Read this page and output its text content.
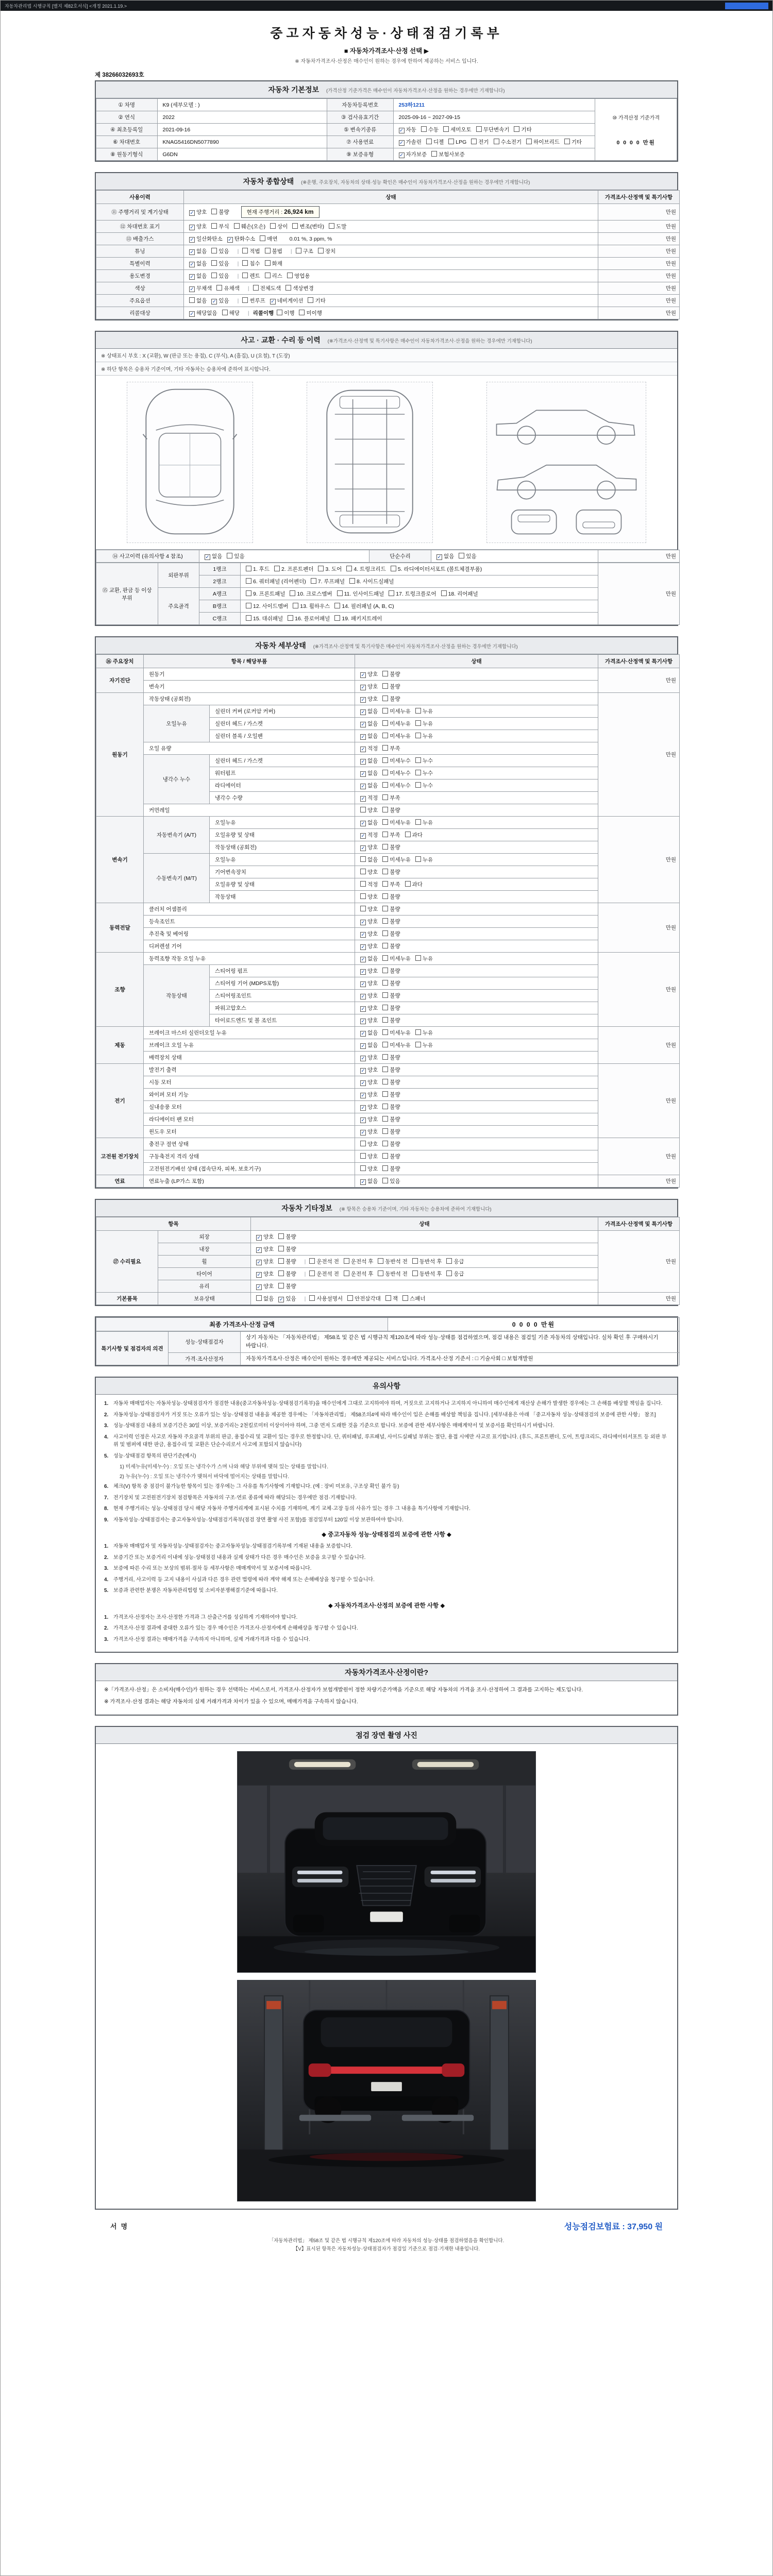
자동차관리법 시행규칙 [별지 제82호서식] <개정 2021.1.19.>
중고자동차성능·상태점검기록부
■ 자동차가격조사·산정 선택 ▶
※ 자동차가격조사·산정은 매수인이 원하는 경우에 한하여 제공하는 서비스 입니다.
제 38266032693호
자동차 기본정보 (가격산정 기준가격은 매수인이 자동차가격조사·산정을 원하는 경우에만 기재합니다)
① 차명	K9 (세부모델 : )	자동차등록번호	253하1211	⑩ 가격산정 기준가격
0 0 0 0 만원

② 연식	2022	③ 검사유효기간	2025-09-16 ~ 2027-09-15	
④ 최초등록일	2021-09-16	⑤ 변속기종류	✓ 자동 수동 세미오토 무단변속기 기타	
⑥ 차대번호	KNAG5416DN5077890	⑦ 사용연료	✓ 가솔린 디젤 LPG 전기 수소전기 하이브리드 기타	
⑧ 원동기형식	G6DN	⑨ 보증유형	✓ 자가보증 보험사보증	
자동차 종합상태 (※운행, 주요장치, 자동차의 상태·성능 확인은 매수인이 자동차가격조사·산정을 원하는 경우에만 기재합니다)
사용이력	상태	가격조사·산정액 및 특기사항
⑪ 주행거리 및 계기상태	✓ 양호 불량 현재 주행거리 : 26,924 km	만원
⑫ 차대번호 표기	✓ 양호 부식 훼손(오손) 상이 변조(변타) 도말	만원
⑬ 배출가스	✓ 일산화탄소 ✓ 탄화수소 매연 0.01 %, 3 ppm, %	만원
튜닝	✓ 없음 있음 | 적법 불법 | 구조 장치	만원
특별이력	✓ 없음 있음 | 침수 화재	만원
용도변경	✓ 없음 있음 | 렌트 리스 영업용	만원
색상	✓ 무채색 유채색 | 전체도색 색상변경	만원
주요옵션	없음 ✓ 있음 | 썬루프 ✓ 네비게이션 기타	만원
리콜대상	✓ 해당없음 해당 | 리콜이행 이행 미이행	만원
사고 · 교환 · 수리 등 이력 (※가격조사·산정액 및 특기사항은 매수인이 자동차가격조사·산정을 원하는 경우에만 기재합니다)
※ 상태표시 부호 : X (교환), W (판금 또는 용접), C (부식), A (흠집), U (요철), T (도장)
※ 하단 항목은 승용차 기준이며, 기타 자동차는 승용차에 준하여 표시합니다.
⑭ 사고이력 (유의사항 4 참조)	✓ 없음 있음	단순수리	✓ 없음 있음	만원
⑮ 교환, 판금 등 이상 부위	외판부위	1랭크	1. 후드 2. 프론트펜더 3. 도어 4. 트렁크리드 5. 라디에이터서포트 (볼트체결부품)	만원
		2랭크	6. 쿼터패널 (리어펜더) 7. 루프패널 8. 사이드실패널	
	주요골격	A랭크	9. 프론트패널 10. 크로스멤버 11. 인사이드패널 17. 트렁크플로어 18. 리어패널	
		B랭크	12. 사이드멤버 13. 휠하우스 14. 필러패널 (A, B, C)	
		C랭크	15. 대쉬패널 16. 플로어패널 19. 패키지트레이	
자동차 세부상태 (※가격조사·산정액 및 특기사항은 매수인이 자동차가격조사·산정을 원하는 경우에만 기재합니다)
⑯ 주요장치	항목 / 해당부품		상태	가격조사·산정액 및 특기사항
자기진단	원동기		✓ 양호 불량	만원
	변속기		✓ 양호 불량	
원동기	작동상태 (공회전)		✓ 양호 불량	만원
	오일누유	실린더 커버 (로커암 커버)	✓ 없음 미세누유 누유	
		실린더 헤드 / 가스켓	✓ 없음 미세누유 누유	
		실린더 블록 / 오일팬	✓ 없음 미세누유 누유	
	오일 유량		✓ 적정 부족	
	냉각수 누수	실린더 헤드 / 가스켓	✓ 없음 미세누수 누수	
		워터펌프	✓ 없음 미세누수 누수	
		라디에이터	✓ 없음 미세누수 누수	
		냉각수 수량	✓ 적정 부족	
	커먼레일		양호 불량	
변속기	자동변속기 (A/T)	오일누유	✓ 없음 미세누유 누유	만원
		오일유량 및 상태	✓ 적정 부족 과다	
		작동상태 (공회전)	✓ 양호 불량	
	수동변속기 (M/T)	오일누유	없음 미세누유 누유	
		기어변속장치	양호 불량	
		오일유량 및 상태	적정 부족 과다	
		작동상태	양호 불량	
동력전달	클러치 어셈블리		양호 불량	만원
	등속조인트		✓ 양호 불량	
	추진축 및 베어링		✓ 양호 불량	
	디퍼렌셜 기어		✓ 양호 불량	
조향	동력조향 작동 오일 누유		✓ 없음 미세누유 누유	만원
	작동상태	스티어링 펌프	✓ 양호 불량	
		스티어링 기어 (MDPS포함)	✓ 양호 불량	
		스티어링조인트	✓ 양호 불량	
		파워고압호스	✓ 양호 불량	
		타이로드엔드 및 볼 조인트	✓ 양호 불량	
제동	브레이크 마스터 실린더오일 누유		✓ 없음 미세누유 누유	만원
	브레이크 오일 누유		✓ 없음 미세누유 누유	
	배력장치 상태		✓ 양호 불량	
전기	발전기 출력		✓ 양호 불량	만원
	시동 모터		✓ 양호 불량	
	와이퍼 모터 기능		✓ 양호 불량	
	실내송풍 모터		✓ 양호 불량	
	라디에이터 팬 모터		✓ 양호 불량	
	윈도우 모터		✓ 양호 불량	
고전원 전기장치	충전구 절연 상태		양호 불량	만원
	구동축전지 격리 상태		양호 불량	
	고전원전기배선 상태 (접속단자, 피복, 보호기구)		양호 불량	
연료	연료누출 (LP가스 포함)		✓ 없음 있음	만원
자동차 기타정보 (※ 항목은 승용차 기준이며, 기타 자동차는 승용차에 준하여 기재합니다)
항목		상태	가격조사·산정액 및 특기사항
⑰ 수리필요	외장	✓ 양호 불량	만원
	내장	✓ 양호 불량	
	휠	✓ 양호 불량 | 운전석 전 운전석 후 동반석 전 동반석 후 응급	
	타이어	✓ 양호 불량 | 운전석 전 운전석 후 동반석 전 동반석 후 응급	
	유리	✓ 양호 불량	
기본품목	보유상태	없음 ✓ 있음 | 사용설명서 안전삼각대 잭 스패너	만원
최종 가격조사·산정 금액	0 0 0 0 만원
특기사항 및 점검자의 의견	성능·상태점검자	상기 자동차는 「자동차관리법」 제58조 및 같은 법 시행규칙 제120조에 따라 성능·상태를 점검하였으며, 점검 내용은 점검일 기준 자동차의 상태입니다. 실차 확인 후 구매하시기 바랍니다.
	가격·조사산정자	자동차가격조사·산정은 매수인이 원하는 경우에만 제공되는 서비스입니다. 가격조사·산정 기준서 : □ 기술사회 □ 보험개발원
유의사항
1. 자동차 매매업자는 자동차성능·상태점검자가 점검한 내용(중고자동차성능·상태점검기록부)을 매수인에게 그대로 고지하여야 하며, 거짓으로 고지하거나 고지하지 아니하여 매수인에게 재산상 손해가 발생한 경우에는 그 손해를 배상할 책임을 집니다.
2. 자동차성능·상태점검자가 거짓 또는 오류가 있는 성능·상태점검 내용을 제공한 경우에는 「자동차관리법」 제58조의4에 따라 매수인이 입은 손해를 배상할 책임을 집니다. [세부내용은 아래 「중고자동차 성능·상태점검의 보증에 관한 사항」 참조]
3. 성능·상태점검 내용의 보증기간은 30일 이상, 보증거리는 2천킬로미터 이상이어야 하며, 그중 먼저 도래한 것을 기준으로 합니다. 보증에 관한 세부사항은 매매계약서 및 보증서를 확인하시기 바랍니다.
4. 사고이력 인정은 사고로 자동차 주요골격 부위의 판금, 용접수리 및 교환이 있는 경우로 한정합니다. 단, 쿼터패널, 루프패널, 사이드실패널 부위는 절단, 용접 시에만 사고로 표기합니다. (후드, 프론트펜더, 도어, 트렁크리드, 라디에이터서포트 등 외판 부위 및 범퍼에 대한 판금, 용접수리 및 교환은 단순수리로서 사고에 포함되지 않습니다)
5. 성능·상태점검 항목의 판단기준(예시)
1) 미세누유(미세누수) : 오일 또는 냉각수가 스며 나와 해당 부위에 맺혀 있는 상태를 말합니다.
2) 누유(누수) : 오일 또는 냉각수가 맺혀서 바닥에 떨어지는 상태를 말합니다.
6. 체크(V) 항목 중 점검이 불가능한 항목이 있는 경우에는 그 사유를 특기사항에 기재합니다. (예 : 장비 미보유, 구조상 확인 불가 등)
7. 전기장치 및 고전원전기장치 점검항목은 자동차의 구조·연료 종류에 따라 해당되는 경우에만 점검·기재합니다.
8. 현재 주행거리는 성능·상태점검 당시 해당 자동차 주행거리계에 표시된 수치를 기재하며, 계기 교체·고장 등의 사유가 있는 경우 그 내용을 특기사항에 기재합니다.
9. 자동차성능·상태점검자는 중고자동차성능·상태점검기록부(점검 장면 촬영 사진 포함)를 점검일부터 120일 이상 보관하여야 합니다.
◆ 중고자동차 성능·상태점검의 보증에 관한 사항 ◆
1. 자동차 매매업자 및 자동차성능·상태점검자는 중고자동차성능·상태점검기록부에 기재된 내용을 보증합니다.
2. 보증기간 또는 보증거리 이내에 성능·상태점검 내용과 실제 상태가 다른 경우 매수인은 보증을 요구할 수 있습니다.
3. 보증에 따른 수리 또는 보상의 범위·절차 등 세부사항은 매매계약서 및 보증서에 따릅니다.
4. 주행거리, 사고이력 등 고지 내용이 사실과 다른 경우 관련 법령에 따라 계약 해제 또는 손해배상을 청구할 수 있습니다.
5. 보증과 관련한 분쟁은 자동차관리법령 및 소비자분쟁해결기준에 따릅니다.
◆ 자동차가격조사·산정의 보증에 관한 사항 ◆
1. 가격조사·산정자는 조사·산정한 가격과 그 산출근거를 성실하게 기재하여야 합니다.
2. 가격조사·산정 결과에 중대한 오류가 있는 경우 매수인은 가격조사·산정자에게 손해배상을 청구할 수 있습니다.
3. 가격조사·산정 결과는 매매가격을 구속하지 아니하며, 실제 거래가격과 다를 수 있습니다.
자동차가격조사·산정이란?

※「가격조사·산정」은 소비자(매수인)가 원하는 경우 선택하는 서비스로서, 가격조사·산정자가 보험개발원이 정한 차량기준가액을 기준으로 해당 자동차의 가격을 조사·산정하여 그 결과를 고지하는 제도입니다.

※ 가격조사·산정 결과는 해당 자동차의 실제 거래가격과 차이가 있을 수 있으며, 매매가격을 구속하지 않습니다.

점검 장면 촬영 사진
서명	성능점검보험료 : 37,950 원
「자동차관리법」 제58조 및 같은 법 시행규칙 제120조에 따라 자동차의 성능·상태를 점검하였음을 확인합니다.
【V】표시된 항목은 자동차성능·상태점검자가 점검일 기준으로 점검·기재한 내용입니다.
